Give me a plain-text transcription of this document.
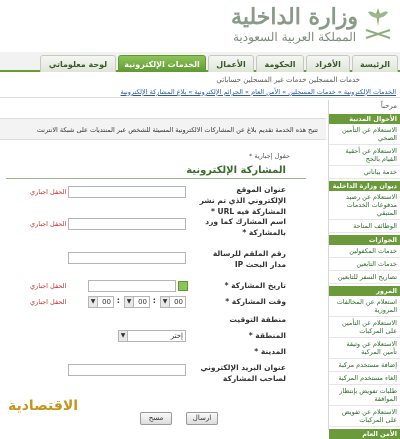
وزارة الداخلية
المملكة العربية السعودية
الرئيسة
الأفراد
الحكومة
الأعمال
الخدمات الإلكترونية
لوحة معلوماتي
خدمات المسجلين خدمات غير المسجلين حساباتي
الخدمات الإلكترونية » خدمات المسجلين » الأمن العام » الجرائم الإلكترونية » بلاغ المشاركة الإلكترونية
مرحباً
الأحوال المدنية
الاستعلام عن التأمين الصحي
الاستعلام عن أحقية القيام بالحج
خدمة بياناتي
ديوان وزارة الداخلية
الاستعلام عن رصيد مدفوعات الخدمات المتبقي
الوظائف المتاحة
الجوازات
خدمات المكفولين
خدمات التابعين
تصاريح السفر للتابعين
المرور
استعلام عن المخالفات المرورية
الاستعلام عن التأمين على المركبات
الاستعلام عن وثيقة تأمين المركبة
إضافة مستخدم مركبة
إلغاء مستخدم المركبة
طلبات تفويض بإنتظار الموافقة
الاستعلام عن تفويض على المركبات
الأمن العام
تتيح هذه الخدمة تقديم بلاغ عن المشاركات الالكترونية المسيئة للشخص عبر المنتديات على شبكة الانترنت
حقول إجبارية *
المشاركة الإلكترونية
عنوان الموقع الإلكتروني الذي تم نشر المشاركة فيه URL *
الحقل اجباري
اسم المشارك كما ورد بالمشاركة *
الحقل اجباري
رقم الملقم للرسالة مدار البحث IP
تاريخ المشاركة *
الحقل اجباري
وقت المشاركة *
00
▼
:
00
▼
:
00
▼
الحقل اجباري
منطقة التوقيت
المنطقة *
إختر
▼
المدينة *
عنوان البريد الإلكتروني لصاحب المشاركة
ارسال
مسح
الاقتصادية
